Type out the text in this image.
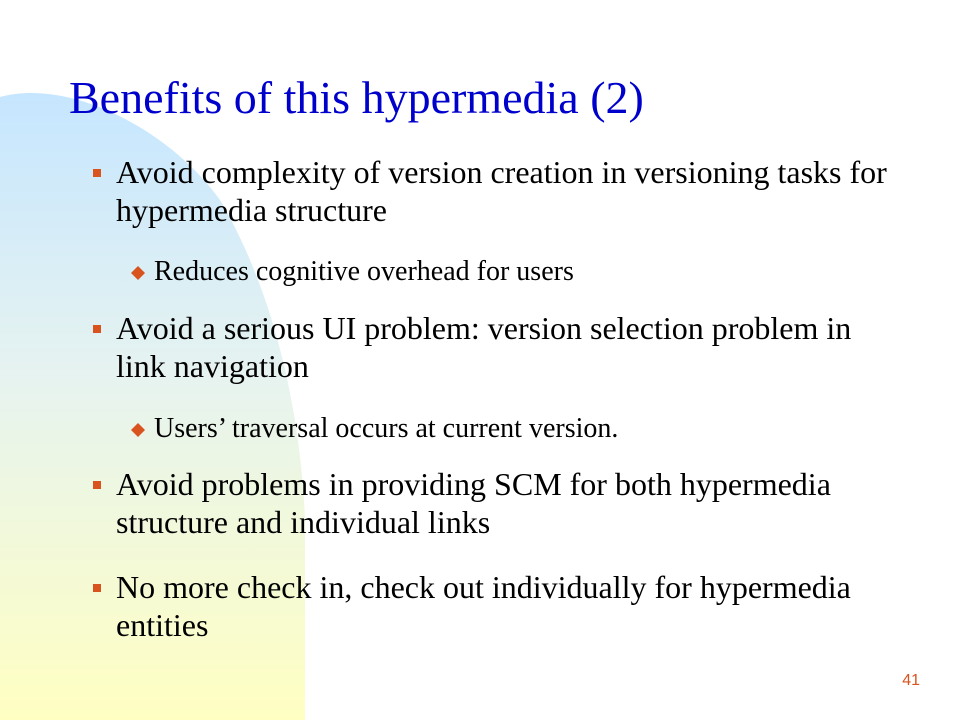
Benefits of this hypermedia (2)
Avoid complexity of version creation in versioning tasks for hypermedia structure
Reduces cognitive overhead for users
Avoid a serious UI problem: version selection problem in link navigation
Users’ traversal occurs at current version.
Avoid problems in providing SCM for both hypermedia structure and individual links
No more check in, check out individually for hypermedia entities
41
